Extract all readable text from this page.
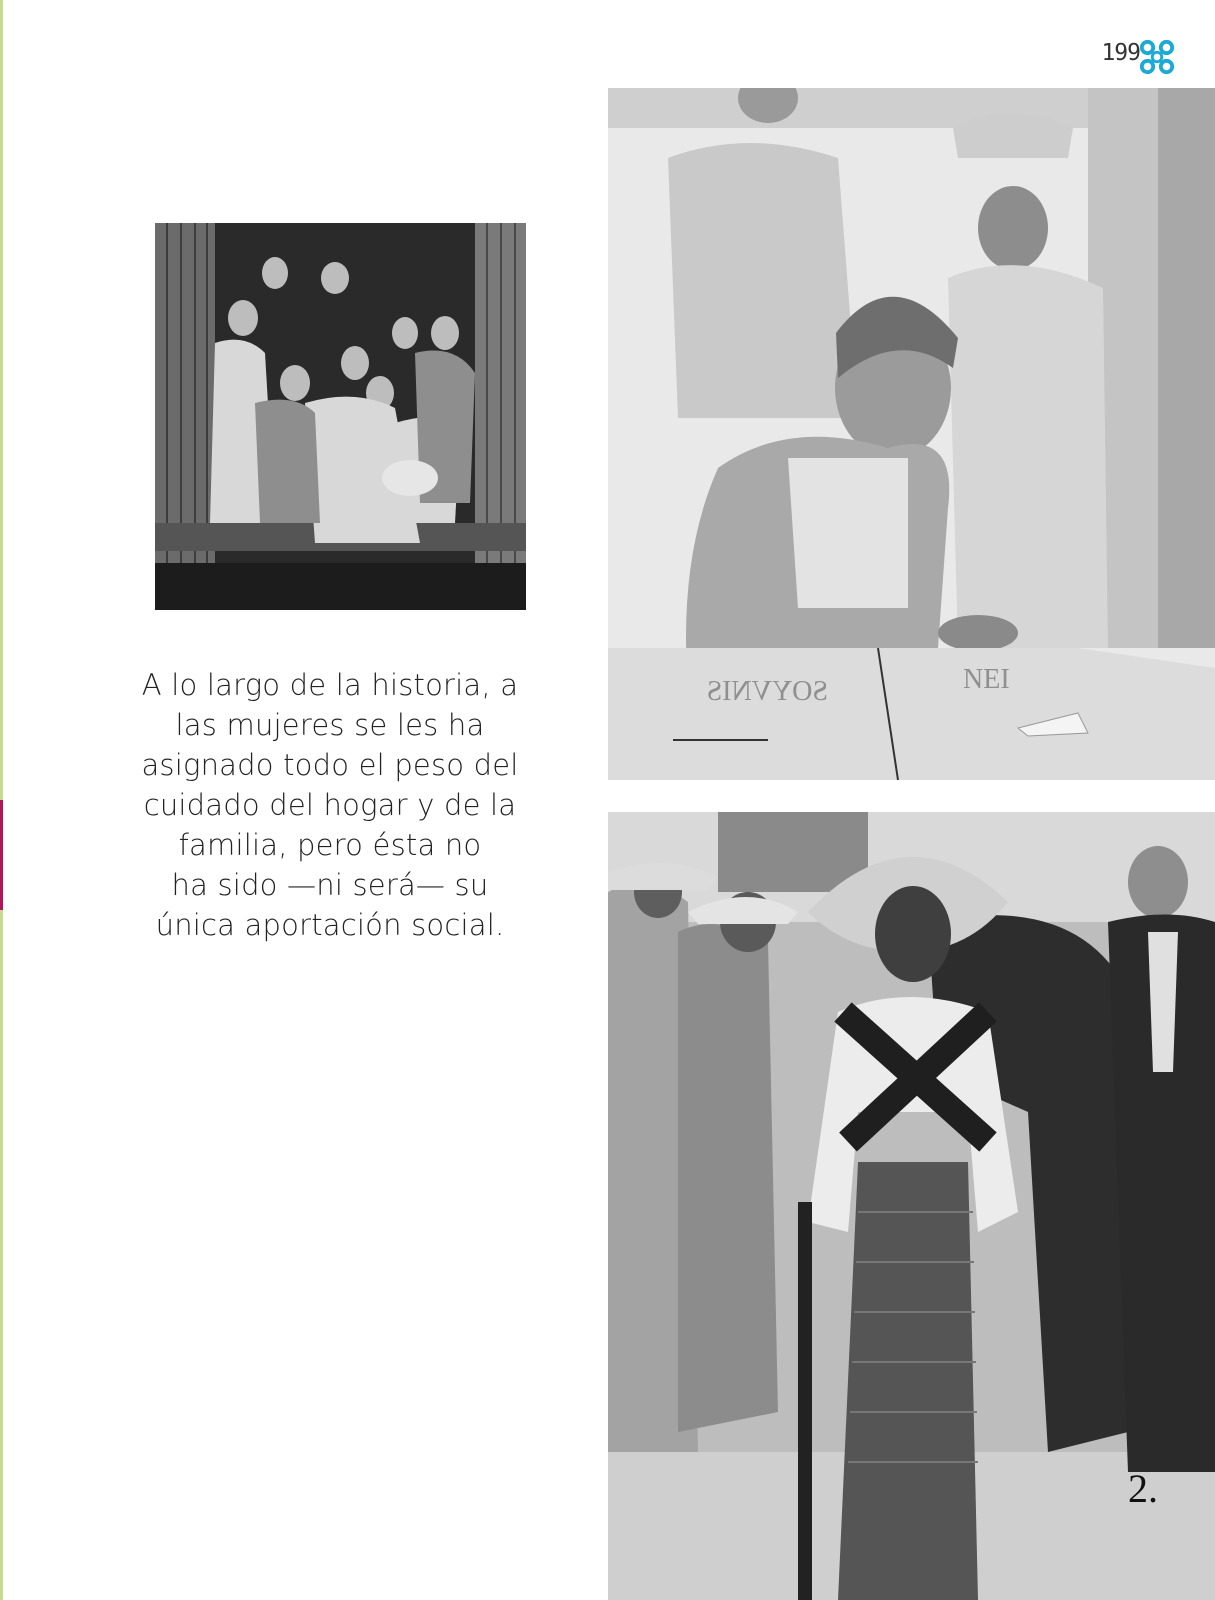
199
SOYVNIS	NEI
2.
A lo largo de la historia, a
las mujeres se les ha
asignado todo el peso del
cuidado del hogar y de la
familia, pero ésta no
ha sido —ni será— su
única aportación social.
